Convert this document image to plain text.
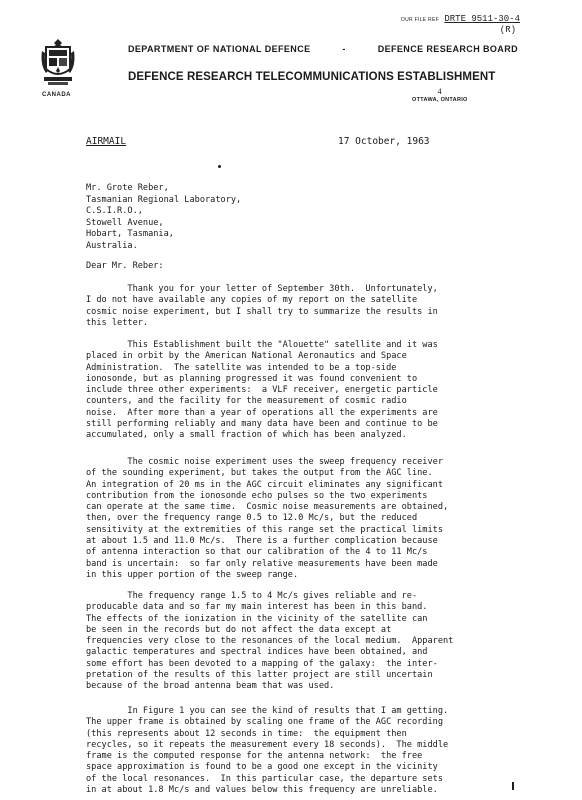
OUR FILE REF DRTE 9511-30-4
(R)
CANADA
DEPARTMENT OF NATIONAL DEFENCE	-	DEFENCE RESEARCH BOARD
DEFENCE RESEARCH TELECOMMUNICATIONS ESTABLISHMENT
4
OTTAWA, ONTARIO
AIRMAIL	17 October, 1963
Mr. Grote Reber,
Tasmanian Regional Laboratory,
C.S.I.R.O.,
Stowell Avenue,
Hobart, Tasmania,
Australia.
Dear Mr. Reber:
Thank you for your letter of September 30th.  Unfortunately,
I do not have available any copies of my report on the satellite
cosmic noise experiment, but I shall try to summarize the results in
this letter.
This Establishment built the "Alouette" satellite and it was
placed in orbit by the American National Aeronautics and Space
Administration.  The satellite was intended to be a top-side
ionosonde, but as planning progressed it was found convenient to
include three other experiments:  a VLF receiver, energetic particle
counters, and the facility for the measurement of cosmic radio
noise.  After more than a year of operations all the experiments are
still performing reliably and many data have been and continue to be
accumulated, only a small fraction of which has been analyzed.
The cosmic noise experiment uses the sweep frequency receiver
of the sounding experiment, but takes the output from the AGC line.
An integration of 20 ms in the AGC circuit eliminates any significant
contribution from the ionosonde echo pulses so the two experiments
can operate at the same time.  Cosmic noise measurements are obtained,
then, over the frequency range 0.5 to 12.0 Mc/s, but the reduced
sensitivity at the extremities of this range set the practical limits
at about 1.5 and 11.0 Mc/s.  There is a further complication because
of antenna interaction so that our calibration of the 4 to 11 Mc/s
band is uncertain:  so far only relative measurements have been made
in this upper portion of the sweep range.
The frequency range 1.5 to 4 Mc/s gives reliable and re-
producable data and so far my main interest has been in this band.
The effects of the ionization in the vicinity of the satellite can
be seen in the records but do not affect the data except at
frequencies very close to the resonances of the local medium.  Apparent
galactic temperatures and spectral indices have been obtained, and
some effort has been devoted to a mapping of the galaxy:  the inter-
pretation of the results of this latter project are still uncertain
because of the broad antenna beam that was used.
In Figure 1 you can see the kind of results that I am getting.
The upper frame is obtained by scaling one frame of the AGC recording
(this represents about 12 seconds in time:  the equipment then
recycles, so it repeats the measurement every 18 seconds).  The middle
frame is the computed response for the antenna network:  the free
space approximation is found to be a good one except in the vicinity
of the local resonances.  In this particular case, the departure sets
in at about 1.8 Mc/s and values below this frequency are unreliable.
